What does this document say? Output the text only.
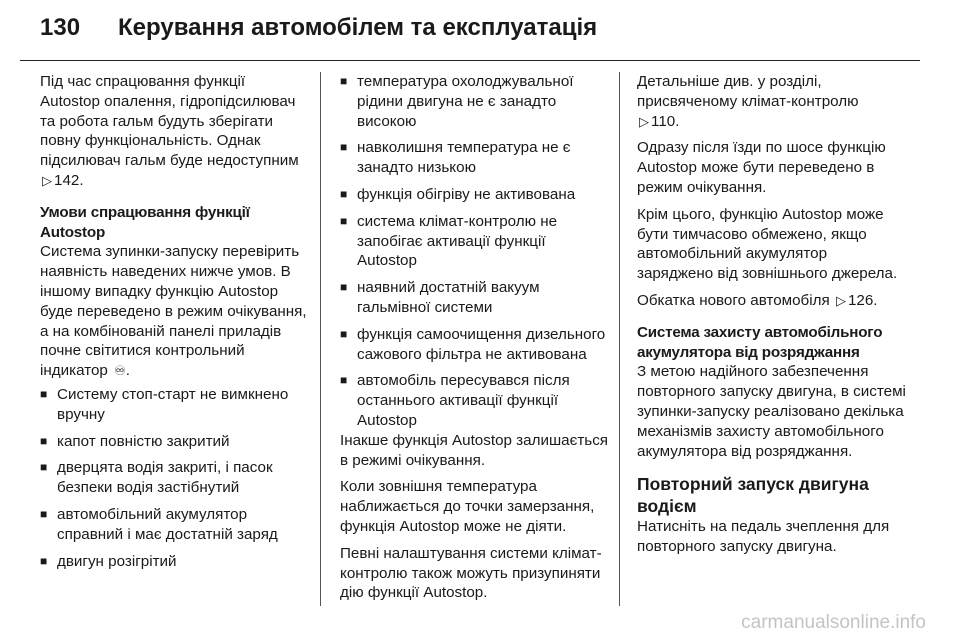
130 Керування автомобілем та експлуатація

Під час спрацювання функції Autostop опалення, гідропідсилювач та робота гальм будуть зберігати повну функціональність. Однак підсилювач гальм буде недоступним ▷ 142.

Умови спрацювання функції Autostop

Система зупинки-запуску перевірить наявність наведених нижче умов. В іншому випадку функцію Autostop буде переведено в режим очікування, а на комбінованій панелі приладів почне світитися контрольний індикатор ♾.

■ Систему стоп-старт не вимкнено вручну
■ капот повністю закритий
■ дверцята водія закриті, і пасок безпеки водія застібнутий
■ автомобільний акумулятор справний і має достатній заряд
■ двигун розігрітий
■ температура охолоджувальної рідини двигуна не є занадто високою
■ навколишня температура не є занадто низькою
■ функція обігріву не активована
■ система клімат-контролю не запобігає активації функції Autostop
■ наявний достатній вакуум гальмівної системи
■ функція самоочищення дизельного сажового фільтра не активована
■ автомобіль пересувався після останнього активації функції Autostop

Інакше функція Autostop залишається в режимі очікування.

Коли зовнішня температура наближається до точки замерзання, функція Autostop може не діяти.

Певні налаштування системи клімат-контролю також можуть призупиняти дію функції Autostop.

Детальніше див. у розділі, присвяченому клімат-контролю
▷ 110.

Одразу після їзди по шосе функцію Autostop може бути переведено в режим очікування.

Крім цього, функцію Autostop може бути тимчасово обмежено, якщо автомобільний акумулятор заряджено від зовнішнього джерела.

Обкатка нового автомобіля ▷ 126.

Система захисту автомобільного акумулятора від розряджання

З метою надійного забезпечення повторного запуску двигуна, в системі зупинки-запуску реалізовано декілька механізмів захисту автомобільного акумулятора від розряджання.

Повторний запуск двигуна водієм

Натисніть на педаль зчеплення для повторного запуску двигуна.

carmanualsonline.info
